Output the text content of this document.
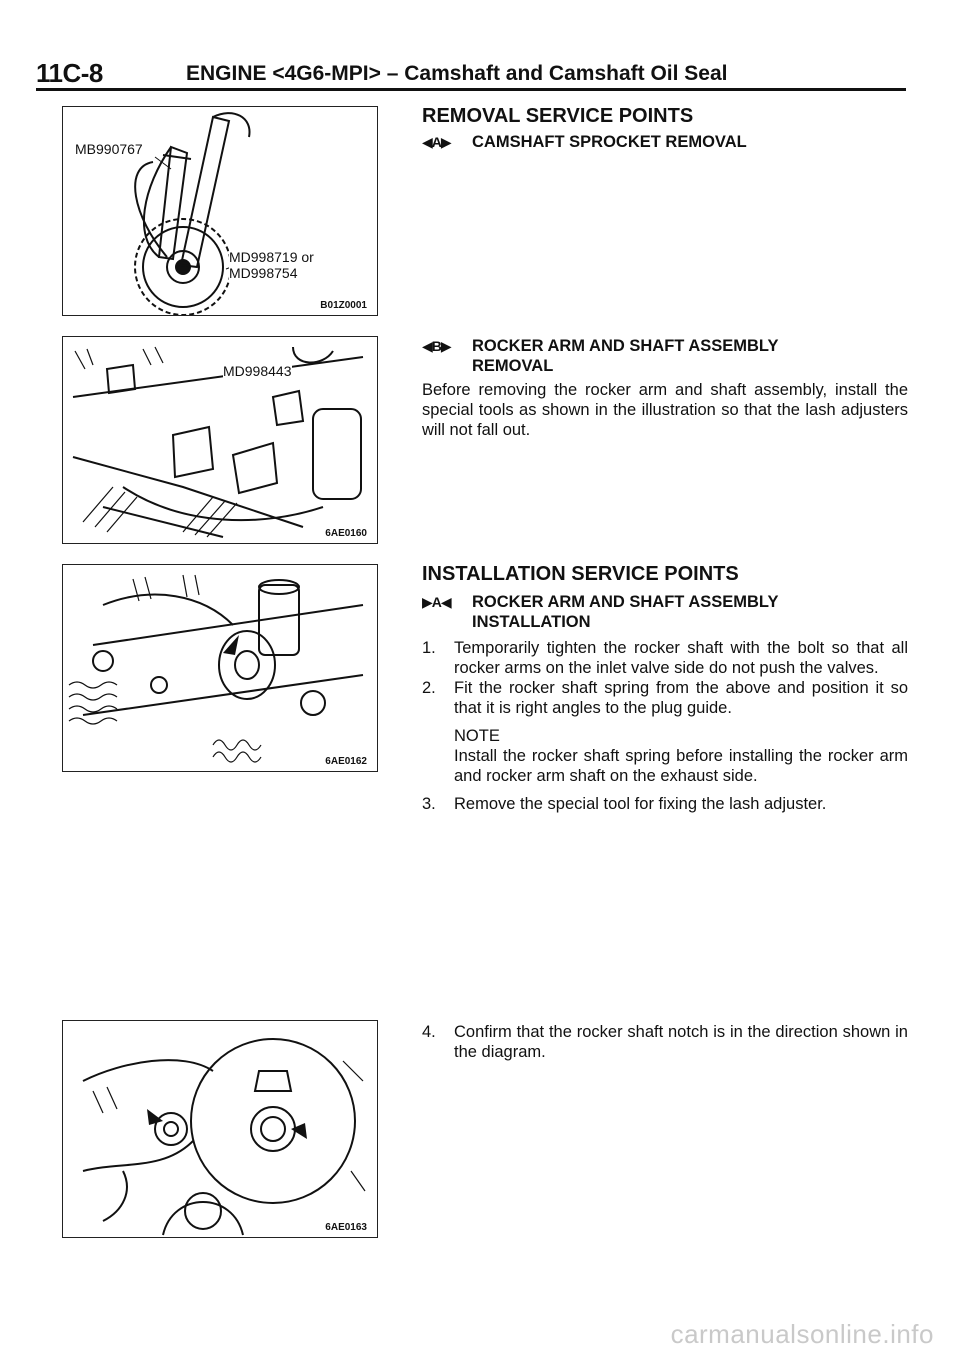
11C-8	ENGINE <4G6-MPI> – Camshaft and Camshaft Oil Seal
MB990767
MD998719 or
MD998754
B01Z0001
MD998443
6AE0160
6AE0162
6AE0163
REMOVAL SERVICE POINTS
◀A▶ CAMSHAFT SPROCKET REMOVAL
◀B▶ ROCKER ARM AND SHAFT ASSEMBLY
REMOVAL
Before removing the rocker arm and shaft assembly, install the special tools as shown in the illustration so that the lash adjusters will not fall out.
INSTALLATION SERVICE POINTS
▶A◀ ROCKER ARM AND SHAFT ASSEMBLY
INSTALLATION
1. Temporarily tighten the rocker shaft with the bolt so that all rocker arms on the inlet valve side do not push the valves.
2. Fit the rocker shaft spring from the above and position it so that it is right angles to the plug guide.
NOTE
Install the rocker shaft spring before installing the rocker arm and rocker arm shaft on the exhaust side.
3. Remove the special tool for fixing the lash adjuster.
4. Confirm that the rocker shaft notch is in the direction shown in the diagram.
carmanualsonline.info
